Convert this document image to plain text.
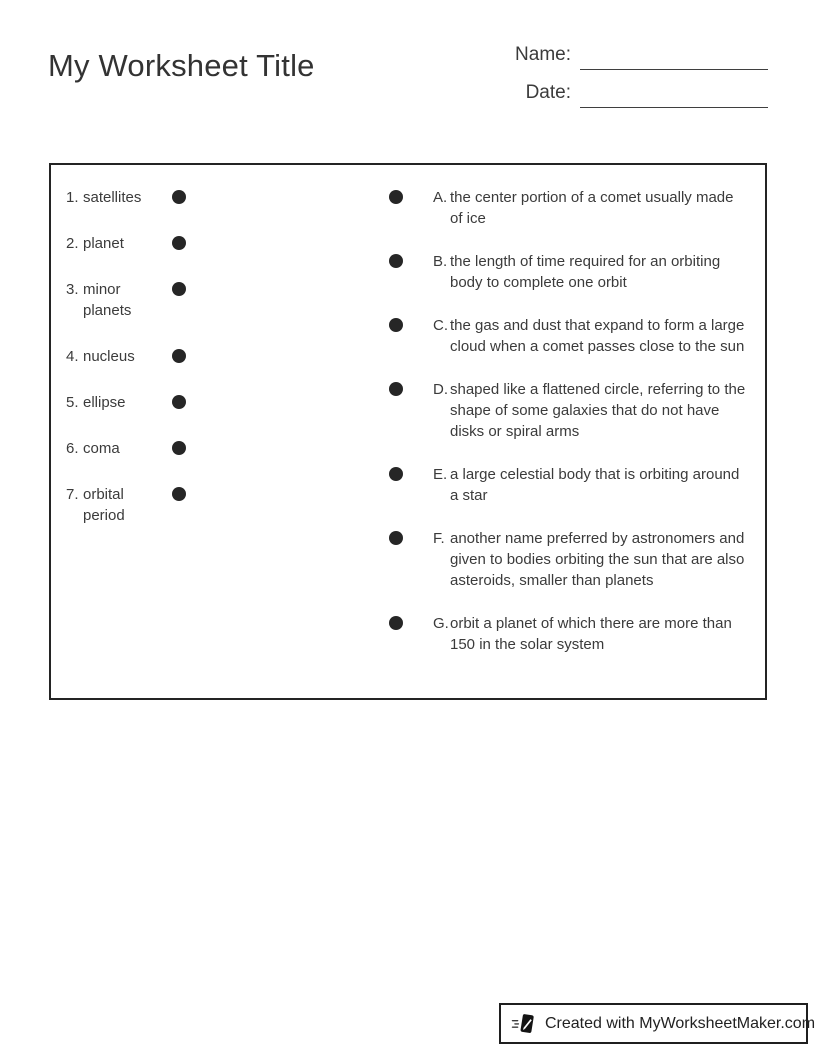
My Worksheet Title	Name:
Date:
1. satellites
2. planet
3. minor planets
4. nucleus
5. ellipse
6. coma
7. orbital period
A. the center portion of a comet usually made of ice
B. the length of time required for an orbiting body to complete one orbit
C. the gas and dust that expand to form a large cloud when a comet passes close to the sun
D. shaped like a flattened circle, referring to the shape of some galaxies that do not have disks or spiral arms
E. a large celestial body that is orbiting around a star
F. another name preferred by astronomers and given to bodies orbiting the sun that are also asteroids, smaller than planets
G. orbit a planet of which there are more than 150 in the solar system
Created with MyWorksheetMaker.com
